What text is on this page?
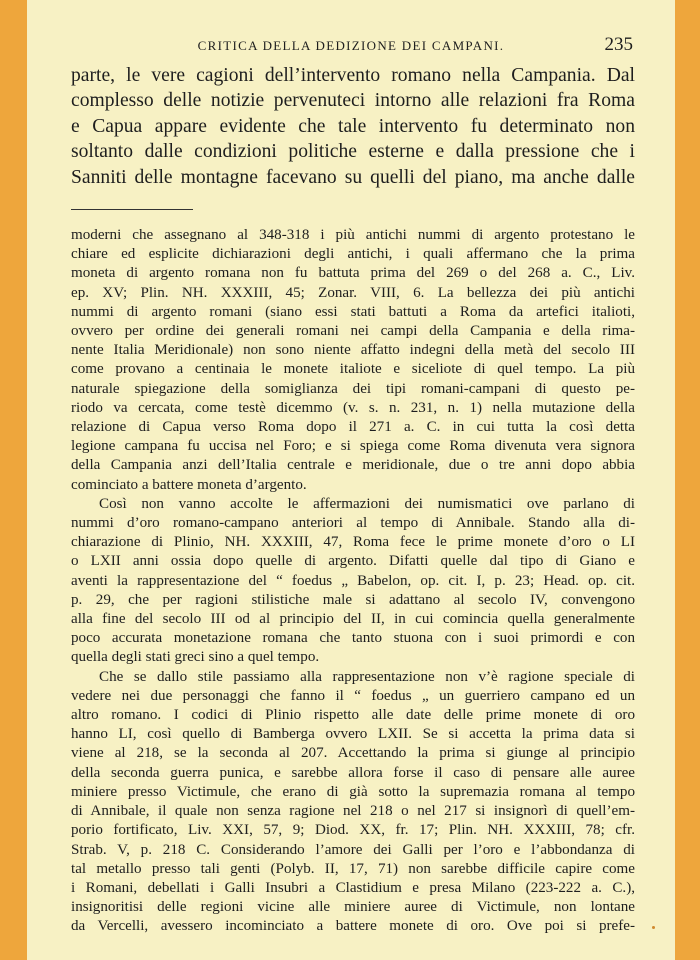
CRITICA DELLA DEDIZIONE DEI CAMPANI.	235
parte, le vere cagioni dell’intervento romano nella Campania. Dal
complesso delle notizie pervenuteci intorno alle relazioni fra Roma
e Capua appare evidente che tale intervento fu determinato non
soltanto dalle condizioni politiche esterne e dalla pressione che i
Sanniti delle montagne facevano su quelli del piano, ma anche dalle
moderni che assegnano al 348-318 i più antichi nummi di argento protestano le
chiare ed esplicite dichiarazioni degli antichi, i quali affermano che la prima
moneta di argento romana non fu battuta prima del 269 o del 268 a. C., Liv.
ep. XV; Plin. NH. XXXIII, 45; Zonar. VIII, 6. La bellezza dei più antichi
nummi di argento romani (siano essi stati battuti a Roma da artefici italioti,
ovvero per ordine dei generali romani nei campi della Campania e della rima-
nente Italia Meridionale) non sono niente affatto indegni della metà del secolo III
come provano a centinaia le monete italiote e siceliote di quel tempo. La più
naturale spiegazione della somiglianza dei tipi romani-campani di questo pe-
riodo va cercata, come testè dicemmo (v. s. n. 231, n. 1) nella mutazione della
relazione di Capua verso Roma dopo il 271 a. C. in cui tutta la così detta
legione campana fu uccisa nel Foro; e si spiega come Roma divenuta vera signora
della Campania anzi dell’Italia centrale e meridionale, due o tre anni dopo abbia
cominciato a battere moneta d’argento.
Così non vanno accolte le affermazioni dei numismatici ove parlano di
nummi d’oro romano-campano anteriori al tempo di Annibale. Stando alla di-
chiarazione di Plinio, NH. XXXIII, 47, Roma fece le prime monete d’oro o LI
o LXII anni ossia dopo quelle di argento. Difatti quelle dal tipo di Giano e
aventi la rappresentazione del “ foedus „ Babelon, op. cit. I, p. 23; Head. op. cit.
p. 29, che per ragioni stilistiche male si adattano al secolo IV, convengono
alla fine del secolo III od al principio del II, in cui comincia quella generalmente
poco accurata monetazione romana che tanto stuona con i suoi primordi e con
quella degli stati greci sino a quel tempo.
Che se dallo stile passiamo alla rappresentazione non v’è ragione speciale di
vedere nei due personaggi che fanno il “ foedus „ un guerriero campano ed un
altro romano. I codici di Plinio rispetto alle date delle prime monete di oro
hanno LI, così quello di Bamberga ovvero LXII. Se si accetta la prima data si
viene al 218, se la seconda al 207. Accettando la prima si giunge al principio
della seconda guerra punica, e sarebbe allora forse il caso di pensare alle auree
miniere presso Victimule, che erano di già sotto la supremazia romana al tempo
di Annibale, il quale non senza ragione nel 218 o nel 217 si insignorì di quell’em-
porio fortificato, Liv. XXI, 57, 9; Diod. XX, fr. 17; Plin. NH. XXXIII, 78; cfr.
Strab. V, p. 218 C. Considerando l’amore dei Galli per l’oro e l’abbondanza di
tal metallo presso tali genti (Polyb. II, 17, 71) non sarebbe difficile capire come
i Romani, debellati i Galli Insubri a Clastidium e presa Milano (223-222 a. C.),
insignoritisi delle regioni vicine alle miniere auree di Victimule, non lontane
da Vercelli, avessero incominciato a battere monete di oro. Ove poi si prefe-
